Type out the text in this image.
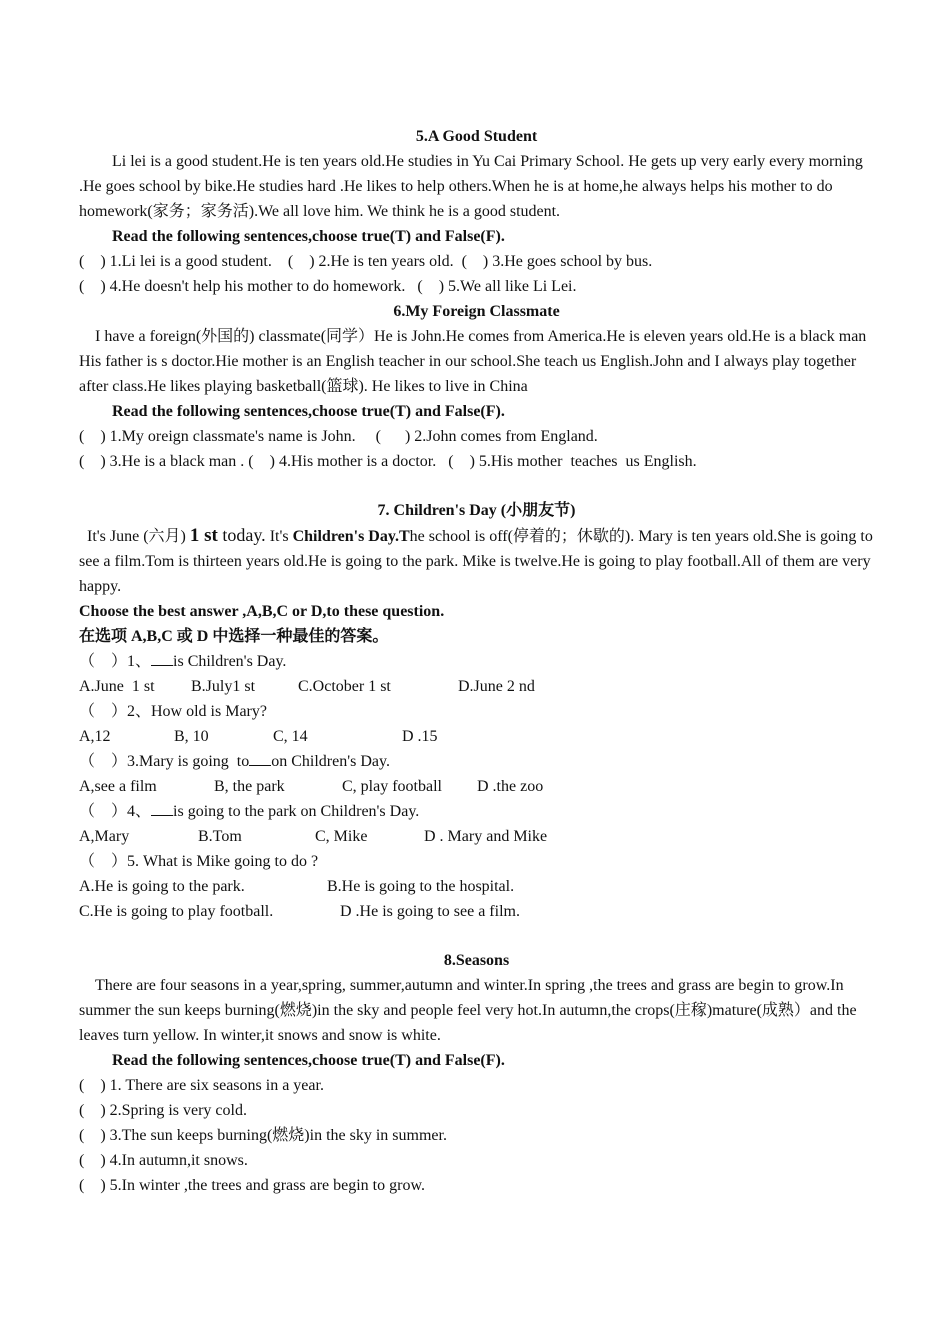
5.A Good Student

Li lei is a good student.He is ten years old.He studies in Yu Cai Primary School. He gets up very early every morning .He goes school by bike.He studies hard .He likes to help others.When he is at home,he always helps his mother to do homework(家务；家务活).We all love him. We think he is a good student.

Read the following sentences,choose true(T) and False(F).
(    ) 1.Li lei is a good student.    (    ) 2.He is ten years old.  (    ) 3.He goes school by bus.
(    ) 4.He doesn't help his mother to do homework.   (    ) 5.We all like Li Lei.
6.My Foreign Classmate

I have a foreign(外国的) classmate(同学）He is John.He comes from America.He is eleven years old.He is a black man His father is s doctor.Hie mother is an English teacher in our school.She teach us English.John and I always play together after class.He likes playing basketball(篮球). He likes to live in China

Read the following sentences,choose true(T) and False(F).
(    ) 1.My oreign classmate's name is John.     (      ) 2.John comes from England.
(    ) 3.He is a black man . (    ) 4.His mother is a doctor.   (    ) 5.His mother  teaches  us English.
7. Children's Day (小朋友节)

It's June (六月) 1 st today. It's Children's Day.The school is off(停着的；休歇的). Mary is ten years old.She is going to see a film.Tom is thirteen years old.He is going to the park. Mike is twelve.He is going to play football.All of them are very happy.

Choose the best answer ,A,B,C or D,to these question.
在选项 A,B,C 或 D 中选择一种最佳的答案。
（    ）1、 is Children's Day.

A.June  1 st

B.July1 st

	C.October 1 st

	D.June 2 nd

（    ）2、How old is Mary?

A,12

	B, 10

	C, 14

	D .15

（    ）3.Mary is going  to on Children's Day.

A,see a film

	B, the park

	C, play football

D .the zoo

（    ）4、 is going to the park on Children's Day.

A,Mary

	B.Tom

	C, Mike

	D . Mary and Mike

（    ）5. What is Mike going to do ?

A.He is going to the park.

	B.He is going to the hospital.

C.He is going to play football.

	D .He is going to see a film.

8.Seasons

There are four seasons in a year,spring, summer,autumn and winter.In spring ,the trees and grass are begin to grow.In summer the sun keeps burning(燃烧)in the sky and people feel very hot.In autumn,the crops(庄稼)mature(成熟）and the leaves turn yellow. In winter,it snows and snow is white.

Read the following sentences,choose true(T) and False(F).
(    ) 1. There are six seasons in a year.
(    ) 2.Spring is very cold.
(    ) 3.The sun keeps burning(燃烧)in the sky in summer.
(    ) 4.In autumn,it snows.
(    ) 5.In winter ,the trees and grass are begin to grow.
